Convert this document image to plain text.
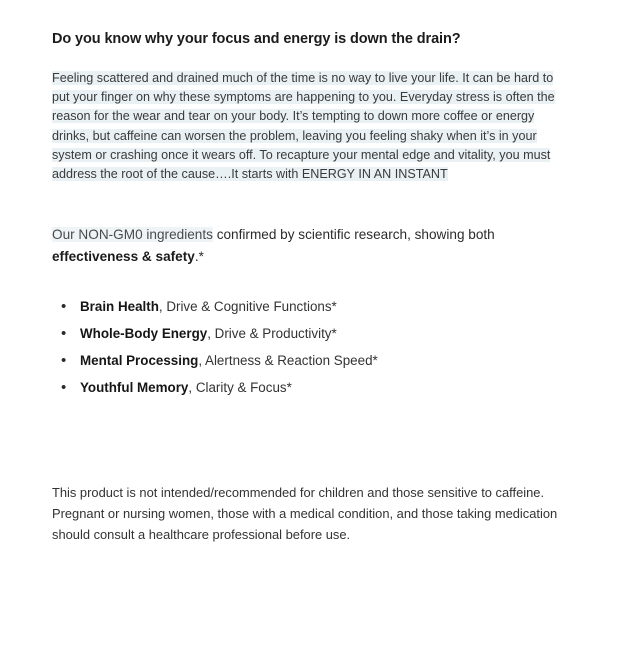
Do you know why your focus and energy is down the drain?

Feeling scattered and drained much of the time is no way to live your life. It can be hard to put your finger on why these symptoms are happening to you. Everyday stress is often the reason for the wear and tear on your body. It’s tempting to down more coffee or energy drinks, but caffeine can worsen the problem, leaving you feeling shaky when it’s in your system or crashing once it wears off. To recapture your mental edge and vitality, you must address the root of the cause….It starts with ENERGY IN AN INSTANT

Our NON-GM0 ingredients confirmed by scientific research, showing both effectiveness & safety.*

• Brain Health, Drive & Cognitive Functions*
• Whole-Body Energy, Drive & Productivity*
• Mental Processing, Alertness & Reaction Speed*
• Youthful Memory, Clarity & Focus*

This product is not intended/recommended for children and those sensitive to caffeine. Pregnant or nursing women, those with a medical condition, and those taking medication should consult a healthcare professional before use.
